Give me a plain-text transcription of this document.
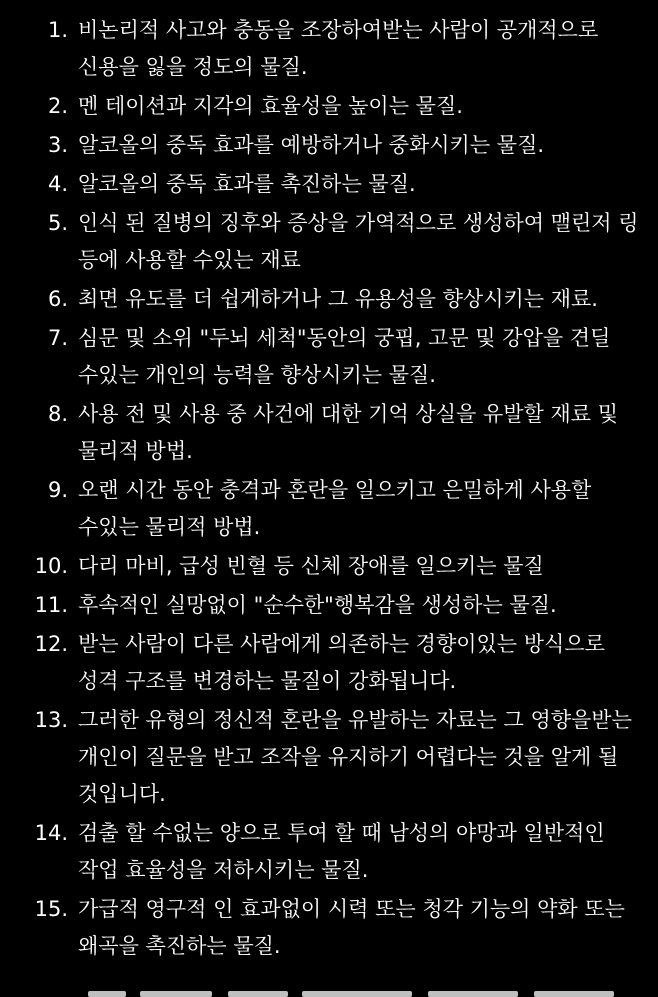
1. 비논리적 사고와 충동을 조장하여받는 사람이 공개적으로 신용을 잃을 정도의 물질.
2. 멘 테이션과 지각의 효율성을 높이는 물질.
3. 알코올의 중독 효과를 예방하거나 중화시키는 물질.
4. 알코올의 중독 효과를 촉진하는 물질.
5. 인식 된 질병의 징후와 증상을 가역적으로 생성하여 맬린저 링 등에 사용할 수있는 재료
6. 최면 유도를 더 쉽게하거나 그 유용성을 향상시키는 재료.
7. 심문 및 소위 "두뇌 세척"동안의 궁핍, 고문 및 강압을 견딜 수있는 개인의 능력을 향상시키는 물질.
8. 사용 전 및 사용 중 사건에 대한 기억 상실을 유발할 재료 및 물리적 방법.
9. 오랜 시간 동안 충격과 혼란을 일으키고 은밀하게 사용할 수있는 물리적 방법.
10. 다리 마비, 급성 빈혈 등 신체 장애를 일으키는 물질
11. 후속적인 실망없이 "순수한"행복감을 생성하는 물질.
12. 받는 사람이 다른 사람에게 의존하는 경향이있는 방식으로 성격 구조를 변경하는 물질이 강화됩니다.
13. 그러한 유형의 정신적 혼란을 유발하는 자료는 그 영향을받는 개인이 질문을 받고 조작을 유지하기 어렵다는 것을 알게 될 것입니다.
14. 검출 할 수없는 양으로 투여 할 때 남성의 야망과 일반적인 작업 효율성을 저하시키는 물질.
15. 가급적 영구적 인 효과없이 시력 또는 청각 기능의 약화 또는 왜곡을 촉진하는 물질.
